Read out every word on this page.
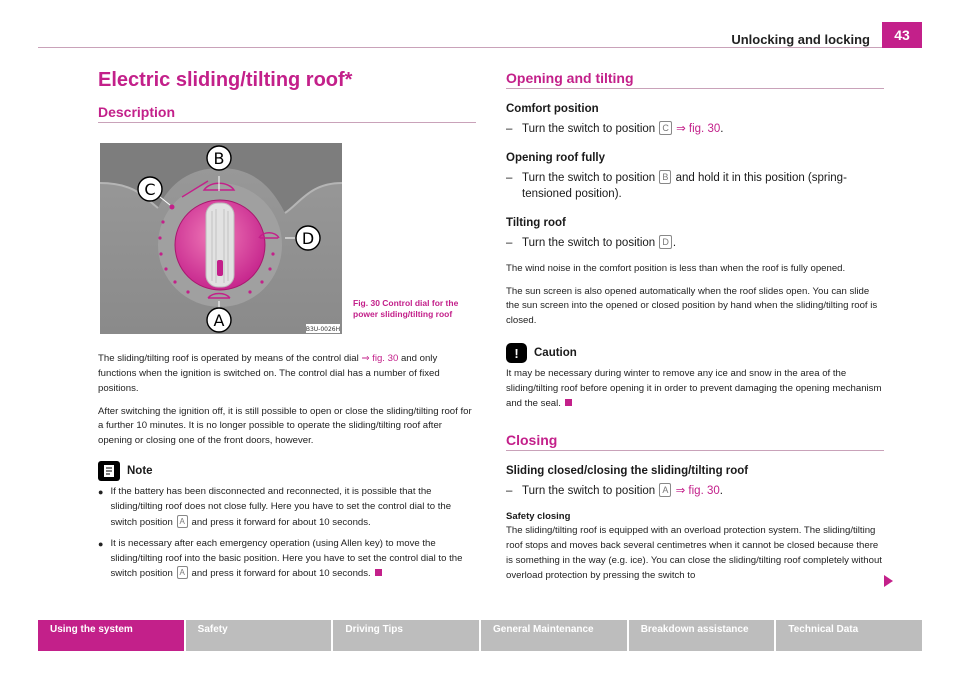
Unlocking and locking	43
Electric sliding/tilting roof*
Description
B
C
D
A	B3U-0026H
Fig. 30 Control dial for the power sliding/tilting roof

The sliding/tilting roof is operated by means of the control dial ⇒ fig. 30 and only functions when the ignition is switched on. The control dial has a number of fixed positions.

After switching the ignition off, it is still possible to open or close the sliding/tilting roof for a further 10 minutes. It is no longer possible to operate the sliding/tilting roof after opening or closing one of the front doors, however.

Note
● If the battery has been disconnected and reconnected, it is possible that the sliding/tilting roof does not close fully. Here you have to set the control dial to the switch position A and press it forward for about 10 seconds.
● It is necessary after each emergency operation (using Allen key) to move the sliding/tilting roof into the basic position. Here you have to set the control dial to the switch position A and press it forward for about 10 seconds.
Opening and tilting
Comfort position
– Turn the switch to position C ⇒ fig. 30.
Opening roof fully
– Turn the switch to position B and hold it in this position (spring-tensioned position).
Tilting roof
– Turn the switch to position D .

The wind noise in the comfort position is less than when the roof is fully opened.

The sun screen is also opened automatically when the roof slides open. You can slide the sun screen into the opened or closed position by hand when the sliding/tilting roof is closed.

!	Caution

It may be necessary during winter to remove any ice and snow in the area of the sliding/tilting roof before opening it in order to prevent damaging the opening mechanism and the seal.

Closing
Sliding closed/closing the sliding/tilting roof
– Turn the switch to position A ⇒ fig. 30.
Safety closing
The sliding/tilting roof is equipped with an overload protection system. The sliding/tilting roof stops and moves back several centimetres when it cannot be closed because there is something in the way (e.g. ice). You can close the sliding/tilting roof completely without overload protection by pressing the switch to
Using the system	Safety	Driving Tips	General Maintenance	Breakdown assistance	Technical Data
